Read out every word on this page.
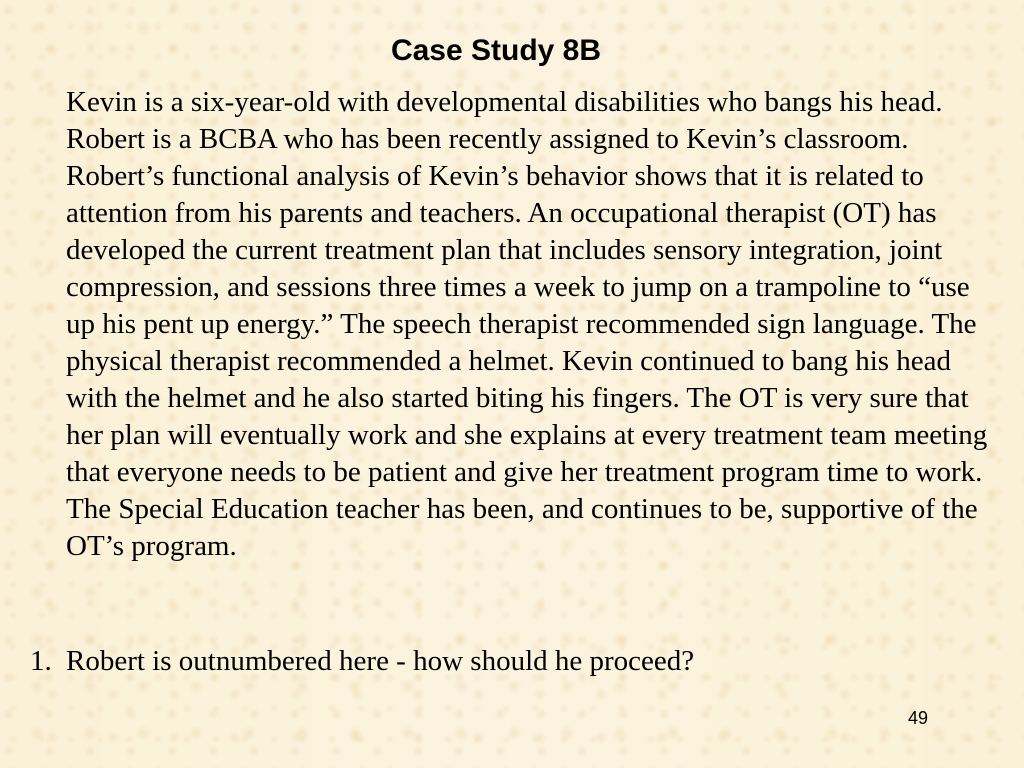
Case Study 8B

Kevin is a six-year-old with developmental disabilities who bangs his head. Robert is a BCBA who has been recently assigned to Kevin’s classroom. Robert’s functional analysis of Kevin’s behavior shows that it is related to attention from his parents and teachers. An occupational therapist (OT) has developed the current treatment plan that includes sensory integration, joint compression, and sessions three times a week to jump on a trampoline to “use up his pent up energy.” The speech therapist recommended sign language. The physical therapist recommended a helmet. Kevin continued to bang his head with the helmet and he also started biting his fingers. The OT is very sure that her plan will eventually work and she explains at every treatment team meeting that everyone needs to be patient and give her treatment program time to work. The Special Education teacher has been, and continues to be, supportive of the OT’s program.

1. Robert is outnumbered here - how should he proceed?
49
